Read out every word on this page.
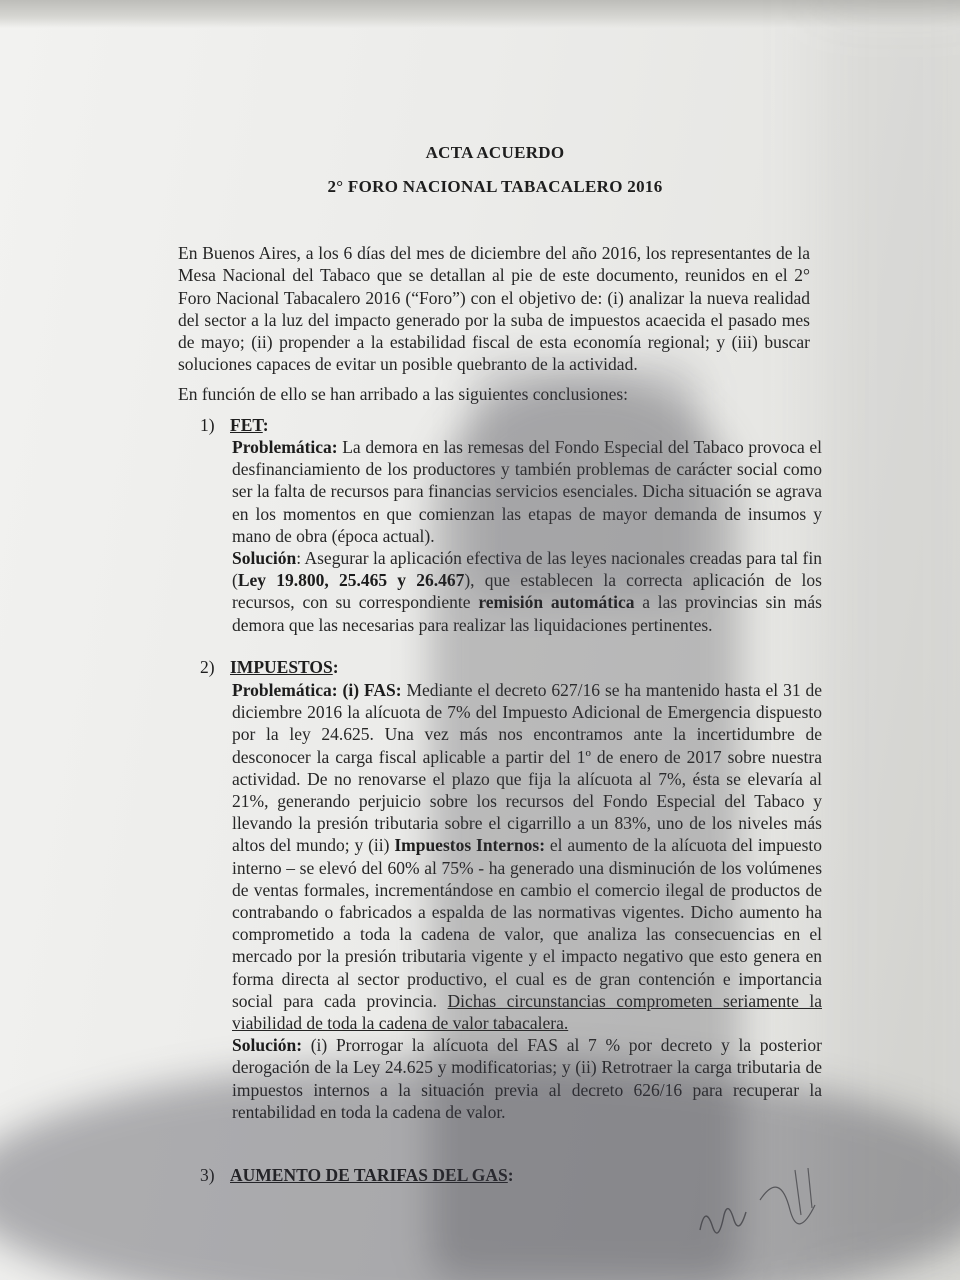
ACTA ACUERDO
2° FORO NACIONAL TABACALERO 2016
En Buenos Aires, a los 6 días del mes de diciembre del año 2016, los representantes de la Mesa Nacional del Tabaco que se detallan al pie de este documento, reunidos en el 2° Foro Nacional Tabacalero 2016 (“Foro”) con el objetivo de: (i) analizar la nueva realidad del sector a la luz del impacto generado por la suba de impuestos acaecida el pasado mes de mayo; (ii) propender a la estabilidad fiscal de esta economía regional; y (iii) buscar soluciones capaces de evitar un posible quebranto de la actividad.
En función de ello se han arribado a las siguientes conclusiones:
1) FET:

Problemática: La demora en las remesas del Fondo Especial del Tabaco provoca el desfinanciamiento de los productores y también problemas de carácter social como ser la falta de recursos para financias servicios esenciales. Dicha situación se agrava en los momentos en que comienzan las etapas de mayor demanda de insumos y mano de obra (época actual).

Solución: Asegurar la aplicación efectiva de las leyes nacionales creadas para tal fin (Ley 19.800, 25.465 y 26.467), que establecen la correcta aplicación de los recursos, con su correspondiente remisión automática a las provincias sin más demora que las necesarias para realizar las liquidaciones pertinentes.

2) IMPUESTOS:

Problemática: (i) FAS: Mediante el decreto 627/16 se ha mantenido hasta el 31 de diciembre 2016 la alícuota de 7% del Impuesto Adicional de Emergencia dispuesto por la ley 24.625. Una vez más nos encontramos ante la incertidumbre de desconocer la carga fiscal aplicable a partir del 1º de enero de 2017 sobre nuestra actividad. De no renovarse el plazo que fija la alícuota al 7%, ésta se elevaría al 21%, generando perjuicio sobre los recursos del Fondo Especial del Tabaco y llevando la presión tributaria sobre el cigarrillo a un 83%, uno de los niveles más altos del mundo; y (ii) Impuestos Internos: el aumento de la alícuota del impuesto interno – se elevó del 60% al 75% - ha generado una disminución de los volúmenes de ventas formales, incrementándose en cambio el comercio ilegal de productos de contrabando o fabricados a espalda de las normativas vigentes. Dicho aumento ha comprometido a toda la cadena de valor, que analiza las consecuencias en el mercado por la presión tributaria vigente y el impacto negativo que esto genera en forma directa al sector productivo, el cual es de gran contención e importancia social para cada provincia. Dichas circunstancias comprometen seriamente la viabilidad de toda la cadena de valor tabacalera.

Solución: (i) Prorrogar la alícuota del FAS al 7 % por decreto y la posterior derogación de la Ley 24.625 y modificatorias; y (ii) Retrotraer la carga tributaria de impuestos internos a la situación previa al decreto 626/16 para recuperar la rentabilidad en toda la cadena de valor.

3) AUMENTO DE TARIFAS DEL GAS:
